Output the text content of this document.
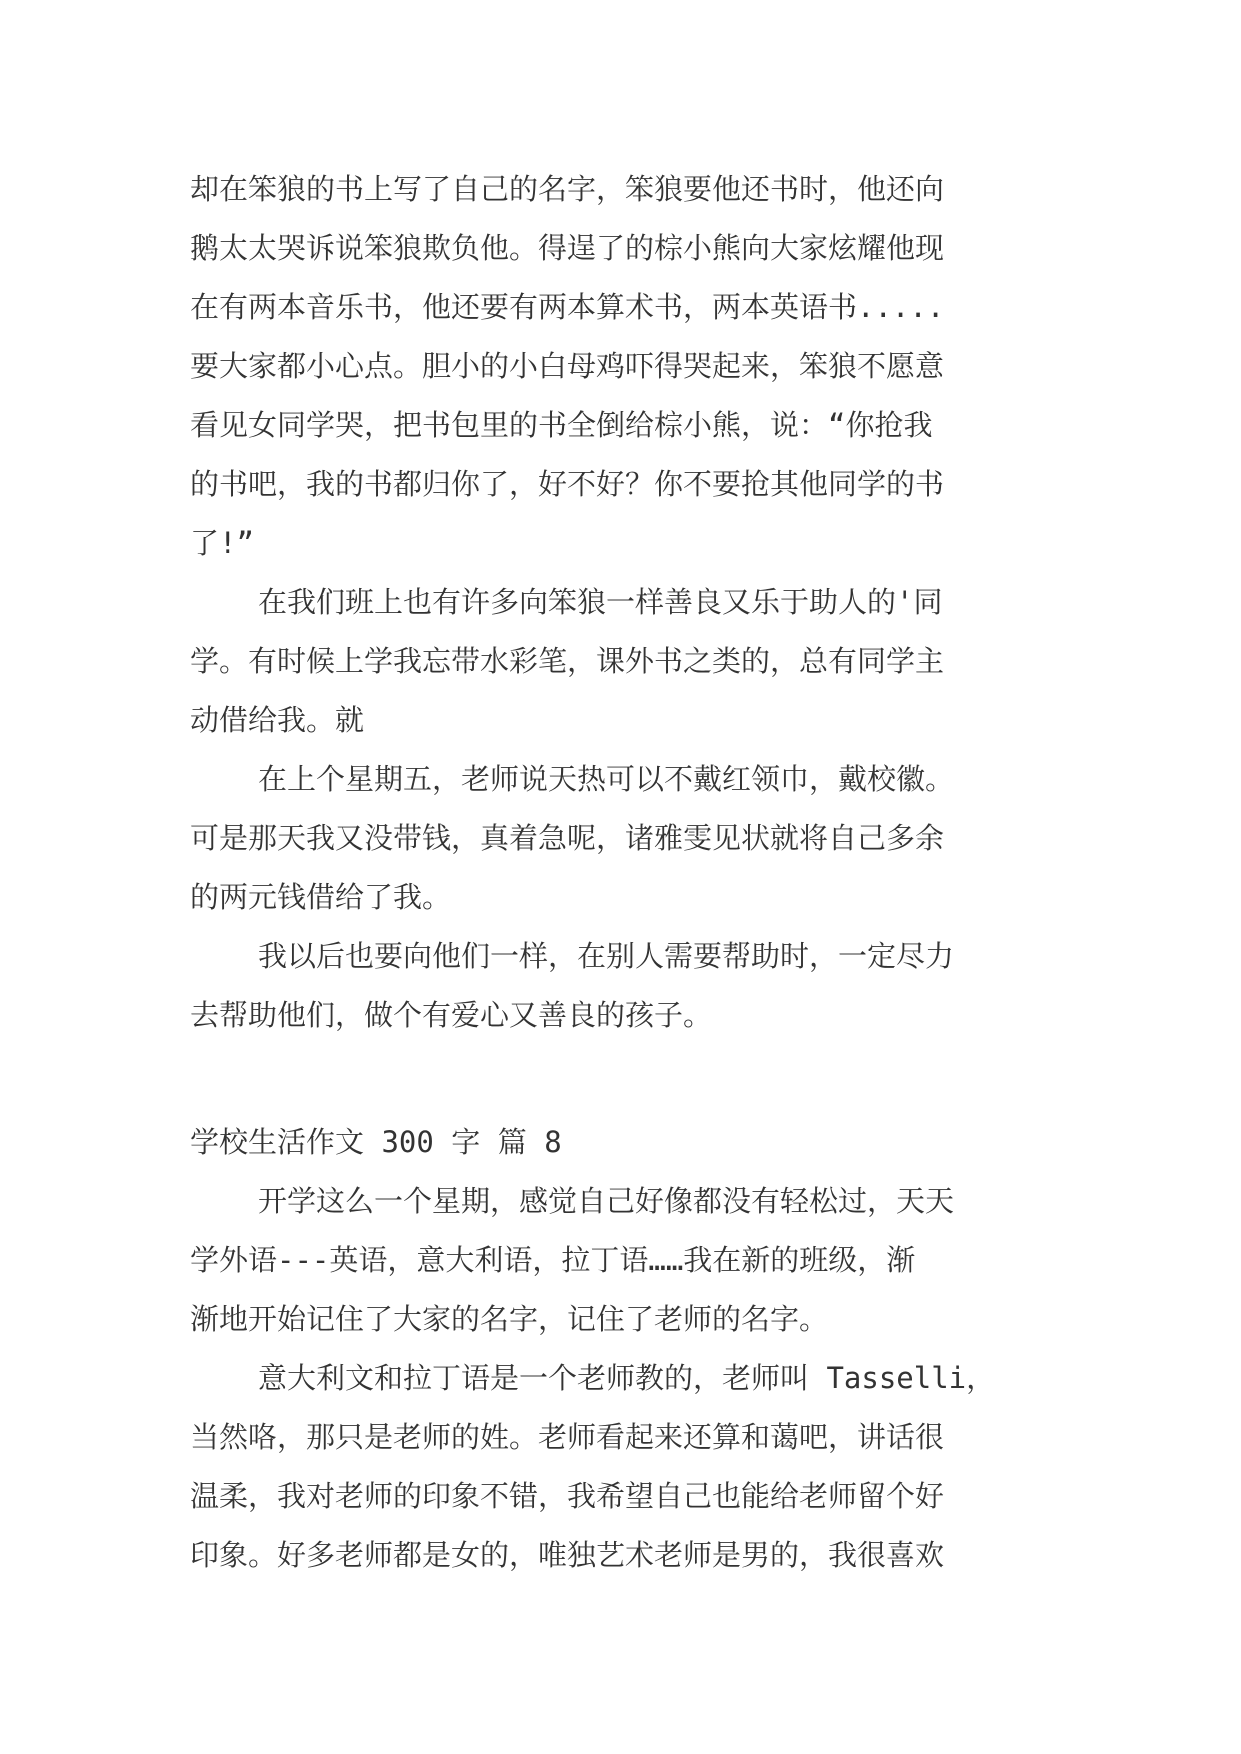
却在笨狼的书上写了自己的名字，笨狼要他还书时，他还向

鹅太太哭诉说笨狼欺负他。得逞了的棕小熊向大家炫耀他现

在有两本音乐书，他还要有两本算术书，两本英语书.....

要大家都小心点。胆小的小白母鸡吓得哭起来，笨狼不愿意

看见女同学哭，把书包里的书全倒给棕小熊，说：“你抢我

的书吧，我的书都归你了，好不好？你不要抢其他同学的书

了!”

在我们班上也有许多向笨狼一样善良又乐于助人的'同

学。有时候上学我忘带水彩笔，课外书之类的，总有同学主

动借给我。就

在上个星期五，老师说天热可以不戴红领巾，戴校徽。

可是那天我又没带钱，真着急呢，诸雅雯见状就将自己多余

的两元钱借给了我。

我以后也要向他们一样，在别人需要帮助时，一定尽力

去帮助他们，做个有爱心又善良的孩子。

学校生活作文 300 字 篇 8

开学这么一个星期，感觉自己好像都没有轻松过，天天

学外语---英语，意大利语，拉丁语……我在新的班级，渐

渐地开始记住了大家的名字，记住了老师的名字。

意大利文和拉丁语是一个老师教的，老师叫 Tasselli，

当然咯，那只是老师的姓。老师看起来还算和蔼吧，讲话很

温柔，我对老师的印象不错，我希望自己也能给老师留个好

印象。好多老师都是女的，唯独艺术老师是男的，我很喜欢
